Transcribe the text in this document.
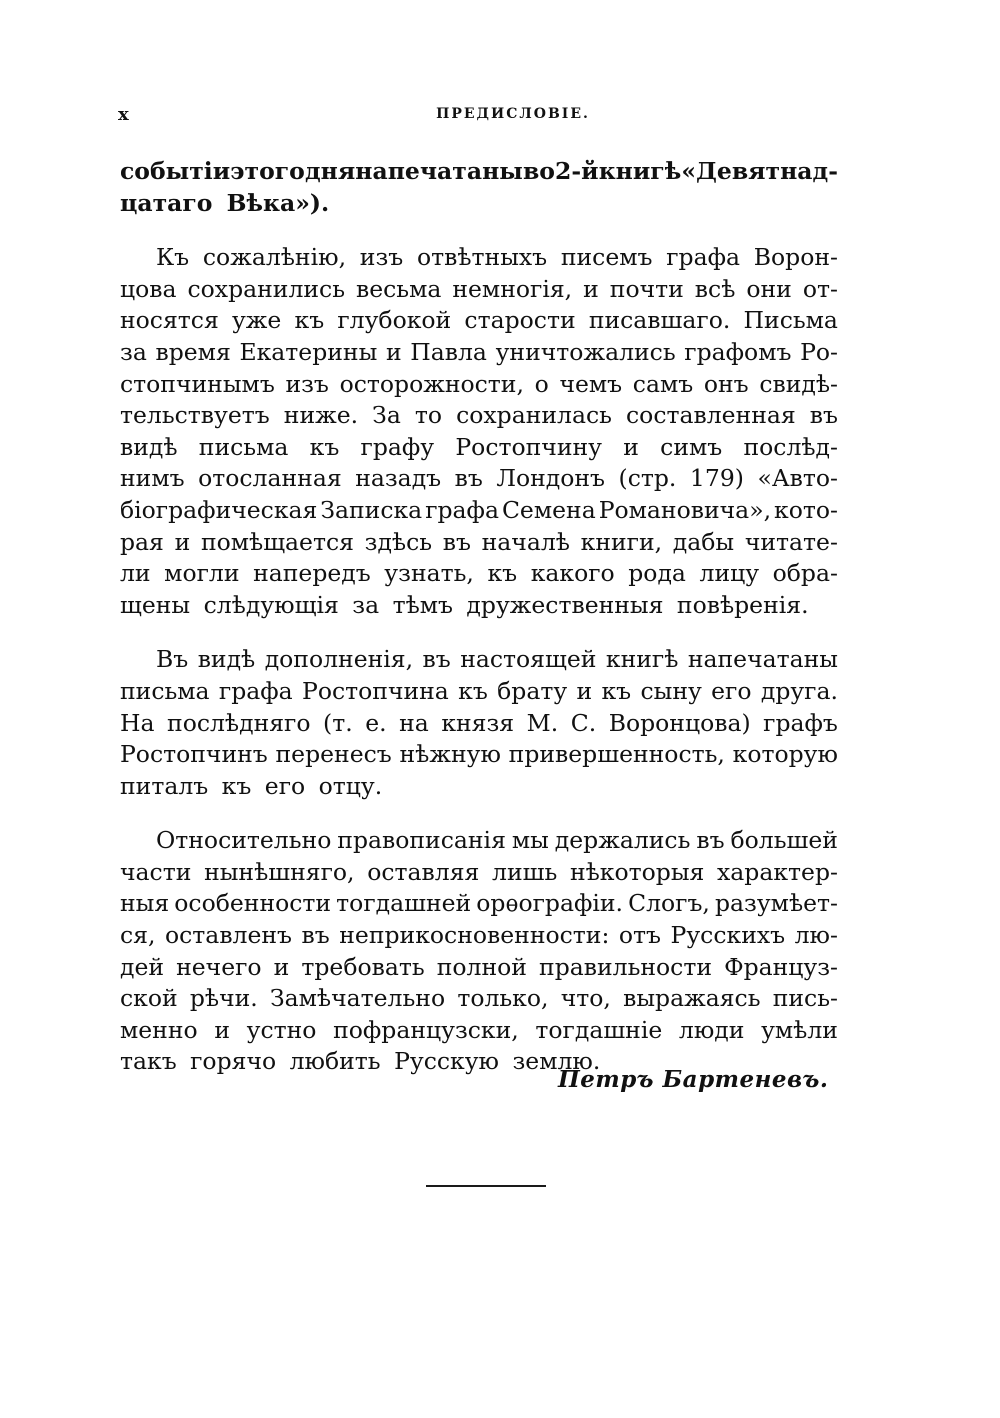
x	ПРЕДИСЛОВІЕ.
событіи этого дня напечатаны во 2-й книгѣ «Девятнад-
цатаго Вѣка»).
Къ сожалѣнію, изъ отвѣтныхъ писемъ графа Ворон-
цова сохранились весьма немногія, и почти всѣ они от-
носятся уже къ глубокой старости писавшаго. Письма
за время Екатерины и Павла уничтожались графомъ Ро-
стопчинымъ изъ осторожности, о чемъ самъ онъ свидѣ-
тельствуетъ ниже. За то сохранилась составленная въ
видѣ письма къ графу Ростопчину и симъ послѣд-
нимъ отосланная назадъ въ Лондонъ (стр. 179) «Авто-
біографическая Записка графа Семена Романовича», кото-
рая и помѣщается здѣсь въ началѣ книги, дабы читате-
ли могли напередъ узнать, къ какого рода лицу обра-
щены слѣдующія за тѣмъ дружественныя повѣренія.
Въ видѣ дополненія, въ настоящей книгѣ напечатаны
письма графа Ростопчина къ брату и къ сыну его друга.
На послѣдняго (т. е. на князя М. С. Воронцова) графъ
Ростопчинъ перенесъ нѣжную привершенность, которую
питалъ къ его отцу.
Относительно правописанія мы держались въ большей
части нынѣшняго, оставляя лишь нѣкоторыя характер-
ныя особенности тогдашней орѳографіи. Слогъ, разумѣет-
ся, оставленъ въ неприкосновенности: отъ Русскихъ лю-
дей нечего и требовать полной правильности Француз-
ской рѣчи. Замѣчательно только, что, выражаясь пись-
менно и устно пофранцузски, тогдашніе люди умѣли
такъ горячо любить Русскую землю.
Петръ Бартеневъ.
